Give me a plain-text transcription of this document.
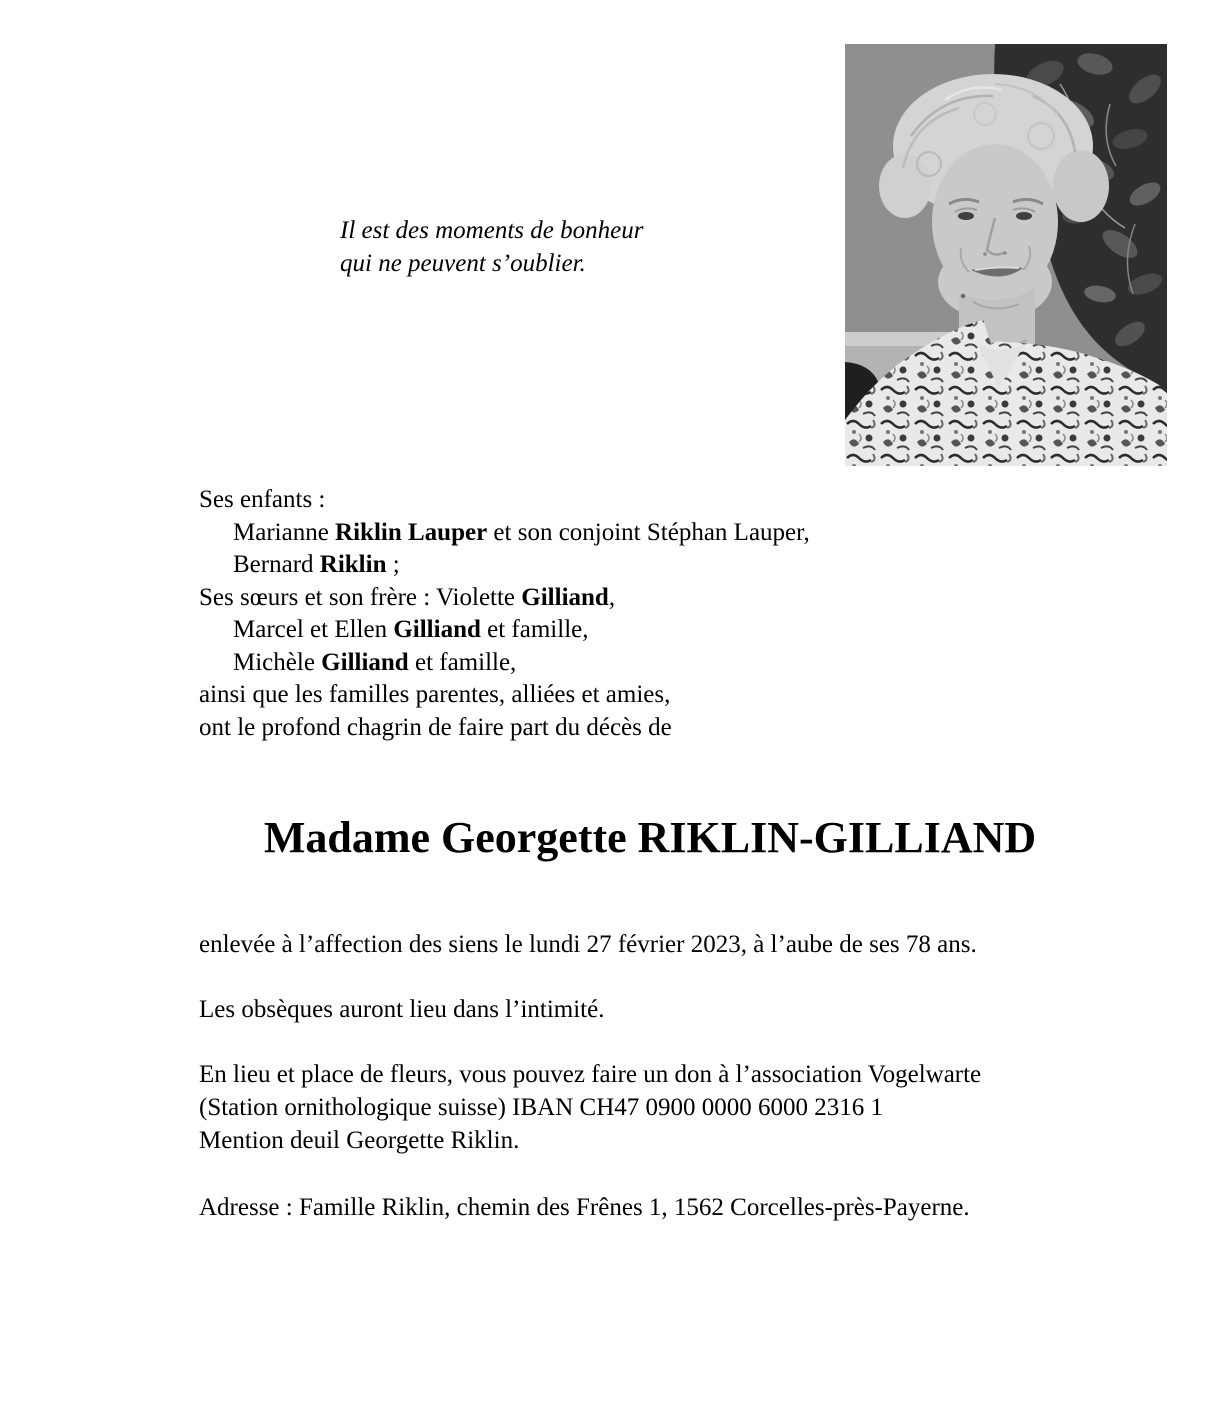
Il est des moments de bonheur
qui ne peuvent s’oublier.
Ses enfants :
Marianne Riklin Lauper et son conjoint Stéphan Lauper,
Bernard Riklin ;
Ses sœurs et son frère : Violette Gilliand,
Marcel et Ellen Gilliand et famille,
Michèle Gilliand et famille,
ainsi que les familles parentes, alliées et amies,
ont le profond chagrin de faire part du décès de
Madame Georgette RIKLIN-GILLIAND
enlevée à l’affection des siens le lundi 27 février 2023, à l’aube de ses 78 ans.
Les obsèques auront lieu dans l’intimité.
En lieu et place de fleurs, vous pouvez faire un don à l’association Vogelwarte
(Station ornithologique suisse) IBAN CH47 0900 0000 6000 2316 1
Mention deuil Georgette Riklin.
Adresse : Famille Riklin, chemin des Frênes 1, 1562 Corcelles-près-Payerne.
